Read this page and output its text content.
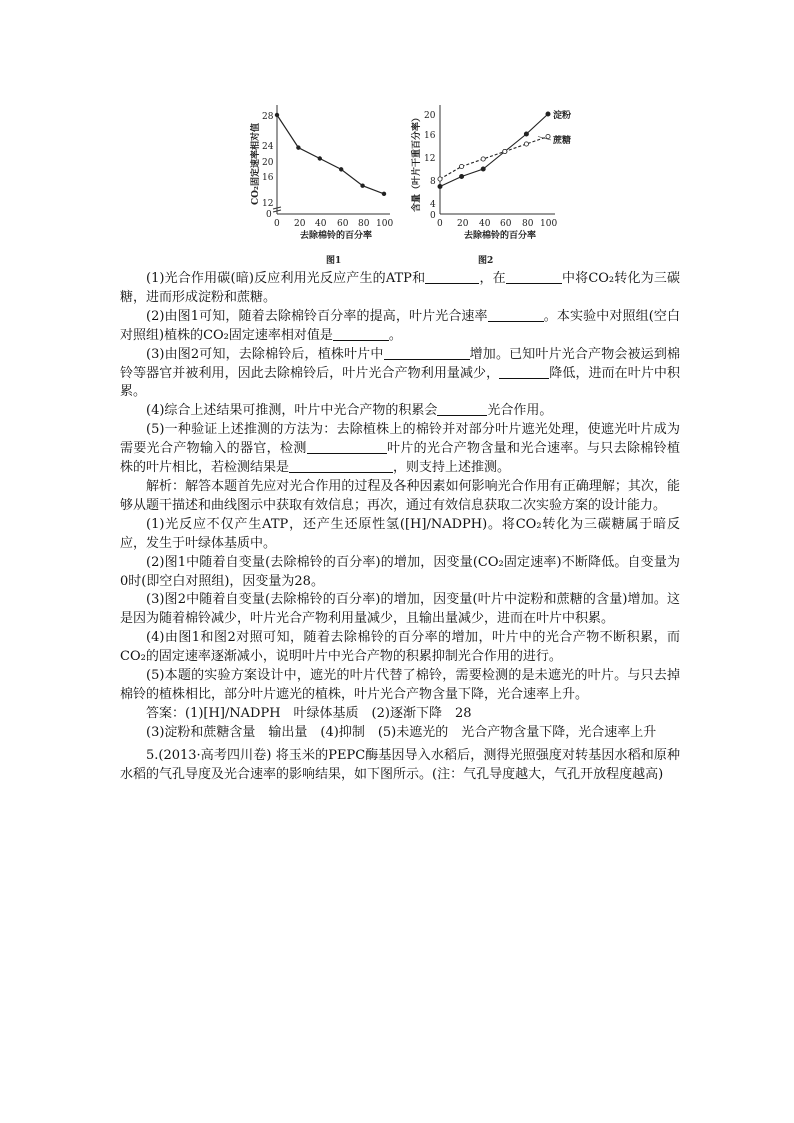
28
24
20
16
12
0
0 20 40 60 80 100
去除棉铃的百分率
CO₂固定速率相对值
图1
20
16
12
8
4
0
0 20 40 60 80 100
去除棉铃的百分率
含量（叶片干重百分率）
图2
淀粉
蔗糖

(1)光合作用碳(暗)反应利用光反应产生的ATP和	，在	中将CO₂转化为三碳糖，进而形成淀粉和蔗糖。

(2)由图1可知，随着去除棉铃百分率的提高，叶片光合速率	。本实验中对照组(空白对照组)植株的CO₂固定速率相对值是	。

(3)由图2可知，去除棉铃后，植株叶片中	增加。已知叶片光合产物会被运到棉铃等器官并被利用，因此去除棉铃后，叶片光合产物利用量减少，	降低，进而在叶片中积累。

(4)综合上述结果可推测，叶片中光合产物的积累会	光合作用。

(5)一种验证上述推测的方法为：去除植株上的棉铃并对部分叶片遮光处理，使遮光叶片成为需要光合产物输入的器官，检测	叶片的光合产物含量和光合速率。与只去除棉铃植株的叶片相比，若检测结果是	，则支持上述推测。

解析：解答本题首先应对光合作用的过程及各种因素如何影响光合作用有正确理解；其次，能够从题干描述和曲线图示中获取有效信息；再次，通过有效信息获取二次实验方案的设计能力。

(1)光反应不仅产生ATP，还产生还原性氢([H]/NADPH)。将CO₂转化为三碳糖属于暗反应，发生于叶绿体基质中。

(2)图1中随着自变量(去除棉铃的百分率)的增加，因变量(CO₂固定速率)不断降低。自变量为0时(即空白对照组)，因变量为28。

(3)图2中随着自变量(去除棉铃的百分率)的增加，因变量(叶片中淀粉和蔗糖的含量)增加。这是因为随着棉铃减少，叶片光合产物利用量减少，且输出量减少，进而在叶片中积累。

(4)由图1和图2对照可知，随着去除棉铃的百分率的增加，叶片中的光合产物不断积累，而CO₂的固定速率逐渐减小，说明叶片中光合产物的积累抑制光合作用的进行。

(5)本题的实验方案设计中，遮光的叶片代替了棉铃，需要检测的是未遮光的叶片。与只去掉棉铃的植株相比，部分叶片遮光的植株，叶片光合产物含量下降，光合速率上升。

答案：(1)[H]/NADPH　叶绿体基质　(2)逐渐下降　28

(3)淀粉和蔗糖含量　输出量　(4)抑制　(5)未遮光的　光合产物含量下降，光合速率上升

5.(2013·高考四川卷) 将玉米的PEPC酶基因导入水稻后，测得光照强度对转基因水稻和原种水稻的气孔导度及光合速率的影响结果，如下图所示。(注：气孔导度越大，气孔开放程度越高)
